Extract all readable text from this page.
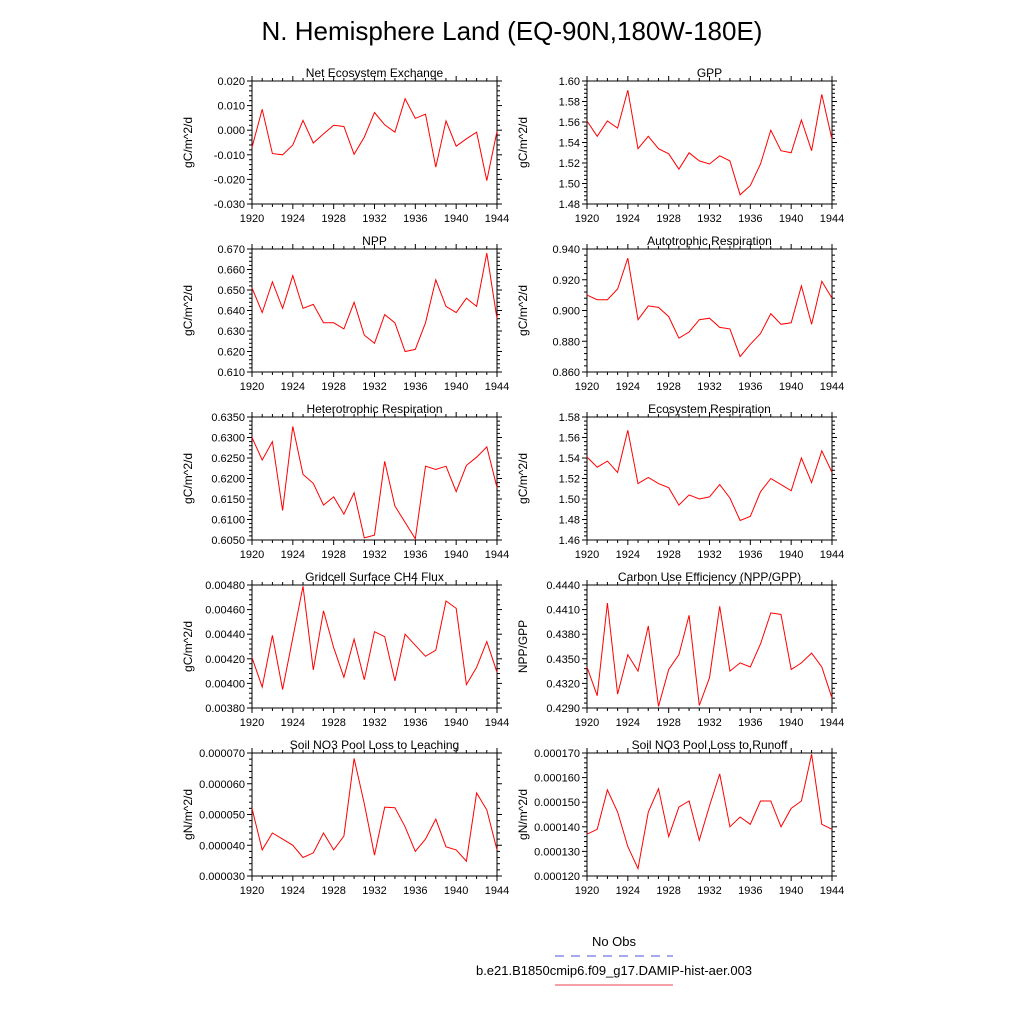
N. Hemisphere Land (EQ-90N,180W-180E)
Net Ecosystem Exchange
gC/m^2/d
-0.030
-0.020
-0.010
0.000
0.010
0.020
1920 1924 1928 1932 1936 1940 1944
GPP
gC/m^2/d
1.48
1.50
1.52
1.54
1.56
1.58
1.60
1920 1924 1928 1932 1936 1940 1944
NPP
gC/m^2/d
0.610
0.620
0.630
0.640
0.650
0.660
0.670
1920 1924 1928 1932 1936 1940 1944
Autotrophic Respiration
gC/m^2/d
0.860
0.880
0.900
0.920
0.940
1920 1924 1928 1932 1936 1940 1944
Heterotrophic Respiration
gC/m^2/d
0.6050
0.6100
0.6150
0.6200
0.6250
0.6300
0.6350
1920 1924 1928 1932 1936 1940 1944
Ecosystem Respiration
gC/m^2/d
1.46
1.48
1.50
1.52
1.54
1.56
1.58
1920 1924 1928 1932 1936 1940 1944
Gridcell Surface CH4 Flux
gC/m^2/d
0.00380
0.00400
0.00420
0.00440
0.00460
0.00480
1920 1924 1928 1932 1936 1940 1944
Carbon Use Efficiency (NPP/GPP)
NPP/GPP
0.4290
0.4320
0.4350
0.4380
0.4410
0.4440
1920 1924 1928 1932 1936 1940 1944
Soil NO3 Pool Loss to Leaching
gN/m^2/d
0.000030
0.000040
0.000050
0.000060
0.000070
1920 1924 1928 1932 1936 1940 1944
Soil NO3 Pool Loss to Runoff
gN/m^2/d
0.000120
0.000130
0.000140
0.000150
0.000160
0.000170
1920 1924 1928 1932 1936 1940 1944
No Obs
b.e21.B1850cmip6.f09_g17.DAMIP-hist-aer.003
